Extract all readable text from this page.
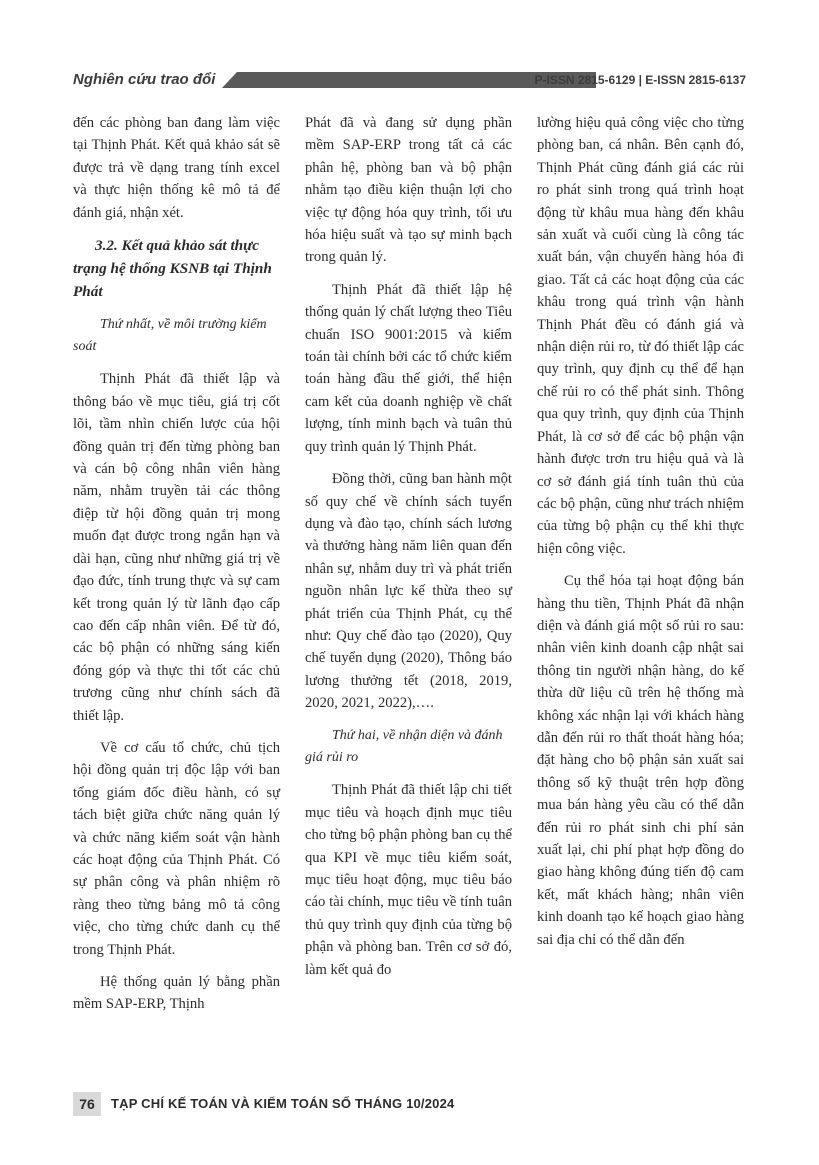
Nghiên cứu trao đổi	P-ISSN 2815-6129 | E-ISSN 2815-6137

đến các phòng ban đang làm việc tại Thịnh Phát. Kết quả khảo sát sẽ được trả về dạng trang tính excel và thực hiện thống kê mô tả để đánh giá, nhận xét.

3.2. Kết quả khảo sát thực trạng hệ thống KSNB tại Thịnh Phát
Thứ nhất, về môi trường kiểm soát

Thịnh Phát đã thiết lập và thông báo về mục tiêu, giá trị cốt lõi, tầm nhìn chiến lược của hội đồng quản trị đến từng phòng ban và cán bộ công nhân viên hàng năm, nhằm truyền tải các thông điệp từ hội đồng quản trị mong muốn đạt được trong ngắn hạn và dài hạn, cũng như những giá trị về đạo đức, tính trung thực và sự cam kết trong quản lý từ lãnh đạo cấp cao đến cấp nhân viên. Để từ đó, các bộ phận có những sáng kiến đóng góp và thực thi tốt các chủ trương cũng như chính sách đã thiết lập.

Về cơ cấu tổ chức, chủ tịch hội đồng quản trị độc lập với ban tổng giám đốc điều hành, có sự tách biệt giữa chức năng quản lý và chức năng kiểm soát vận hành các hoạt động của Thịnh Phát. Có sự phân công và phân nhiệm rõ ràng theo từng bảng mô tả công việc, cho từng chức danh cụ thể trong Thịnh Phát.

Hệ thống quản lý bằng phần mềm SAP-ERP, Thịnh

Phát đã và đang sử dụng phần mềm SAP-ERP trong tất cả các phân hệ, phòng ban và bộ phận nhằm tạo điều kiện thuận lợi cho việc tự động hóa quy trình, tối ưu hóa hiệu suất và tạo sự minh bạch trong quản lý.

Thịnh Phát đã thiết lập hệ thống quản lý chất lượng theo Tiêu chuẩn ISO 9001:2015 và kiểm toán tài chính bởi các tổ chức kiểm toán hàng đầu thế giới, thể hiện cam kết của doanh nghiệp về chất lượng, tính minh bạch và tuân thủ quy trình quản lý Thịnh Phát.

Đồng thời, cũng ban hành một số quy chế về chính sách tuyển dụng và đào tạo, chính sách lương và thưởng hàng năm liên quan đến nhân sự, nhằm duy trì và phát triển nguồn nhân lực kế thừa theo sự phát triển của Thịnh Phát, cụ thể như: Quy chế đào tạo (2020), Quy chế tuyển dụng (2020), Thông báo lương thưởng tết (2018, 2019, 2020, 2021, 2022),….

Thứ hai, về nhận diện và đánh giá rủi ro

Thịnh Phát đã thiết lập chi tiết mục tiêu và hoạch định mục tiêu cho từng bộ phận phòng ban cụ thể qua KPI về mục tiêu kiểm soát, mục tiêu hoạt động, mục tiêu báo cáo tài chính, mục tiêu về tính tuân thủ quy trình quy định của từng bộ phận và phòng ban. Trên cơ sở đó, làm kết quả đo

lường hiệu quả công việc cho từng phòng ban, cá nhân. Bên cạnh đó, Thịnh Phát cũng đánh giá các rủi ro phát sinh trong quá trình hoạt động từ khâu mua hàng đến khâu sản xuất và cuối cùng là công tác xuất bán, vận chuyển hàng hóa đi giao. Tất cả các hoạt động của các khâu trong quá trình vận hành Thịnh Phát đều có đánh giá và nhận diện rủi ro, từ đó thiết lập các quy trình, quy định cụ thể để hạn chế rủi ro có thể phát sinh. Thông qua quy trình, quy định của Thịnh Phát, là cơ sở để các bộ phận vận hành được trơn tru hiệu quả và là cơ sở đánh giá tính tuân thủ của các bộ phận, cũng như trách nhiệm của từng bộ phận cụ thể khi thực hiện công việc.

Cụ thể hóa tại hoạt động bán hàng thu tiền, Thịnh Phát đã nhận diện và đánh giá một số rủi ro sau: nhân viên kinh doanh cập nhật sai thông tin người nhận hàng, do kế thừa dữ liệu cũ trên hệ thống mà không xác nhận lại với khách hàng dẫn đến rủi ro thất thoát hàng hóa; đặt hàng cho bộ phận sản xuất sai thông số kỹ thuật trên hợp đồng mua bán hàng yêu cầu có thể dẫn đến rủi ro phát sinh chi phí sản xuất lại, chi phí phạt hợp đồng do giao hàng không đúng tiến độ cam kết, mất khách hàng; nhân viên kinh doanh tạo kế hoạch giao hàng sai địa chỉ có thể dẫn đến

76	TẠP CHÍ KẾ TOÁN VÀ KIỂM TOÁN SỐ THÁNG 10/2024
